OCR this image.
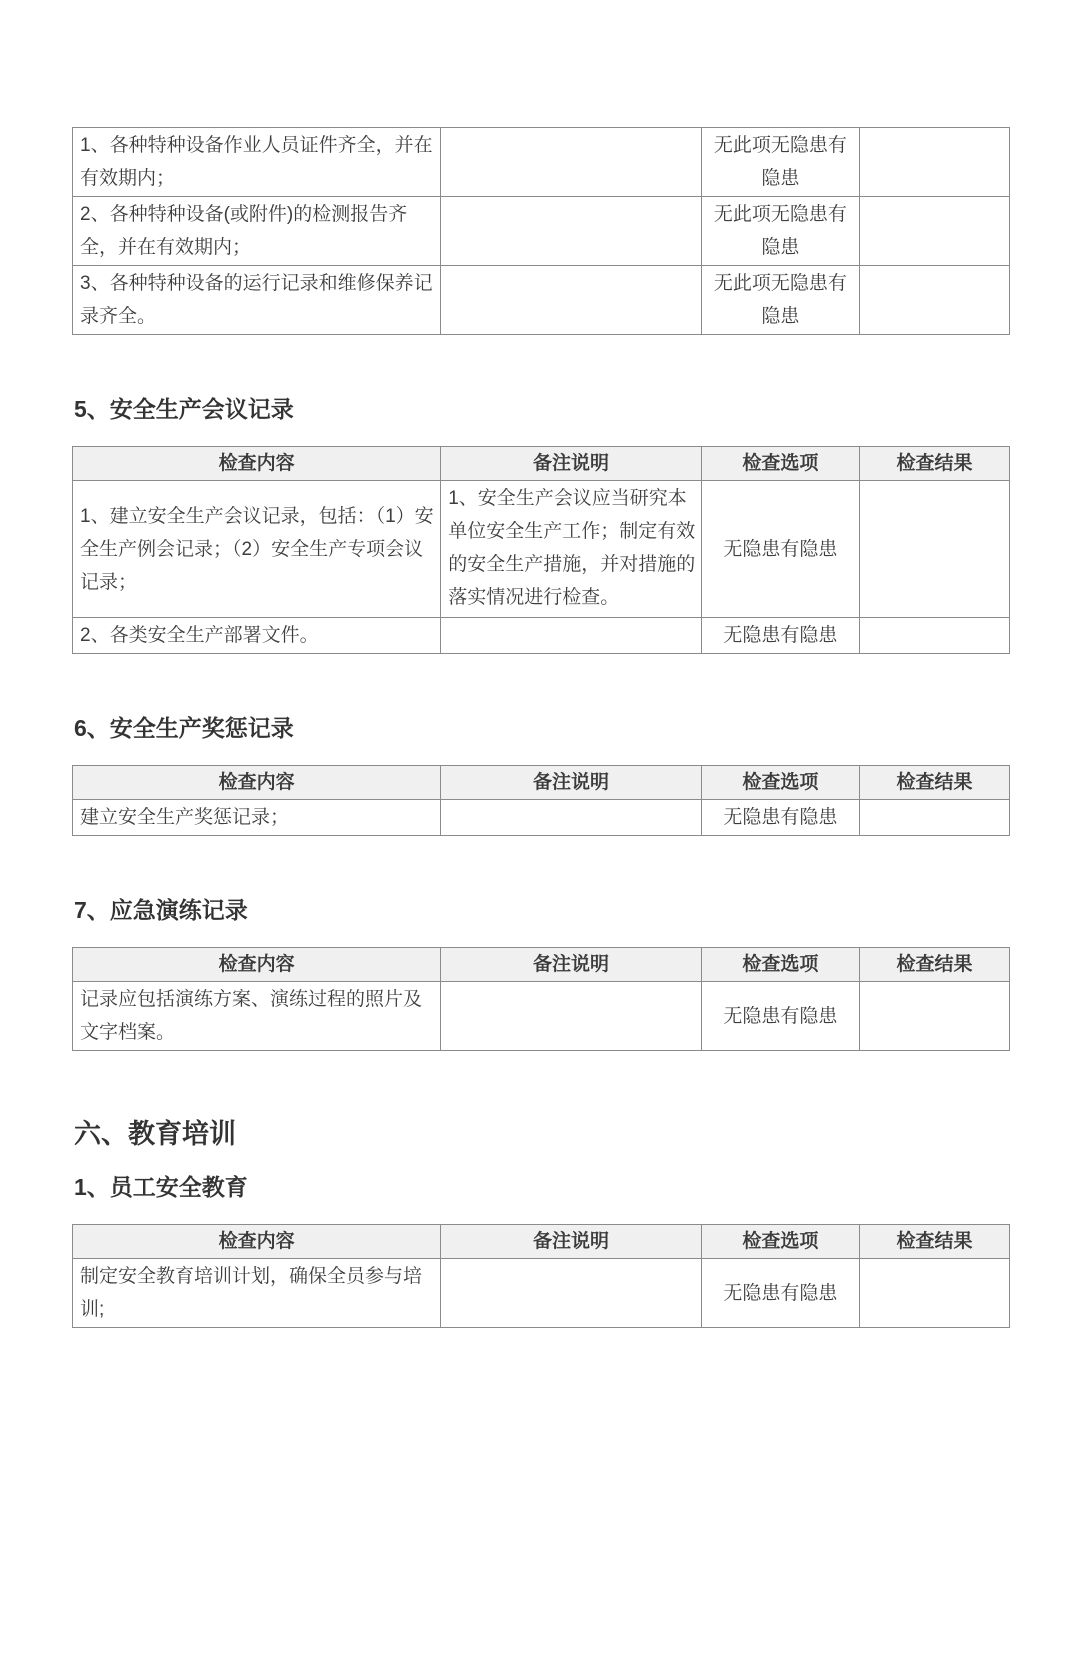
1、各种特种设备作业人员证件齐全，并在有效期内；		无此项无隐患有隐患	
2、各种特种设备(或附件)的检测报告齐全，并在有效期内；		无此项无隐患有隐患	
3、各种特种设备的运行记录和维修保养记录齐全。		无此项无隐患有隐患	
5、安全生产会议记录
检查内容	备注说明	检查选项	检查结果
1、建立安全生产会议记录，包括：（1）安全生产例会记录；（2）安全生产专项会议记录；	1、安全生产会议应当研究本单位安全生产工作；制定有效的安全生产措施，并对措施的落实情况进行检查。	无隐患有隐患	
2、各类安全生产部署文件。		无隐患有隐患	
6、安全生产奖惩记录
检查内容	备注说明	检查选项	检查结果
建立安全生产奖惩记录；		无隐患有隐患	
7、应急演练记录
检查内容	备注说明	检查选项	检查结果
记录应包括演练方案、演练过程的照片及文字档案。		无隐患有隐患	
六、教育培训
1、员工安全教育
检查内容	备注说明	检查选项	检查结果
制定安全教育培训计划，确保全员参与培训;		无隐患有隐患	
